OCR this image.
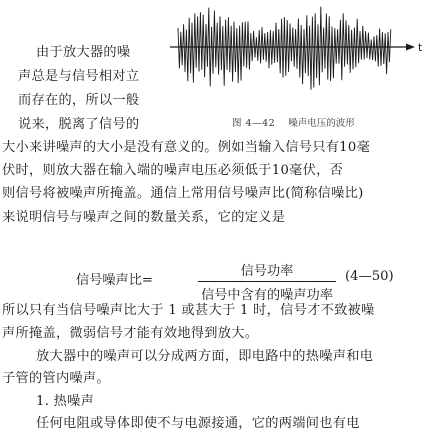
t
图 4—42 噪声电压的波形
由于放大器的噪
声总是与信号相对立
而存在的，所以一般
说来，脱离了信号的
大小来讲噪声的大小是没有意义的。例如当输入信号只有10毫
伏时，则放大器在输入端的噪声电压必须低于10毫伏，否
则信号将被噪声所掩盖。通信上常用信号噪声比(简称信噪比)
来说明信号与噪声之间的数量关系，它的定义是
信号噪声比=
信号功率
信号中含有的噪声功率
(4—50)
所以只有当信号噪声比大于 1 或甚大于 1 时，信号才不致被噪
声所掩盖，微弱信号才能有效地得到放大。
放大器中的噪声可以分成两方面，即电路中的热噪声和电
子管的管内噪声。
1. 热噪声
任何电阻或导体即使不与电源接通，它的两端间也有电
